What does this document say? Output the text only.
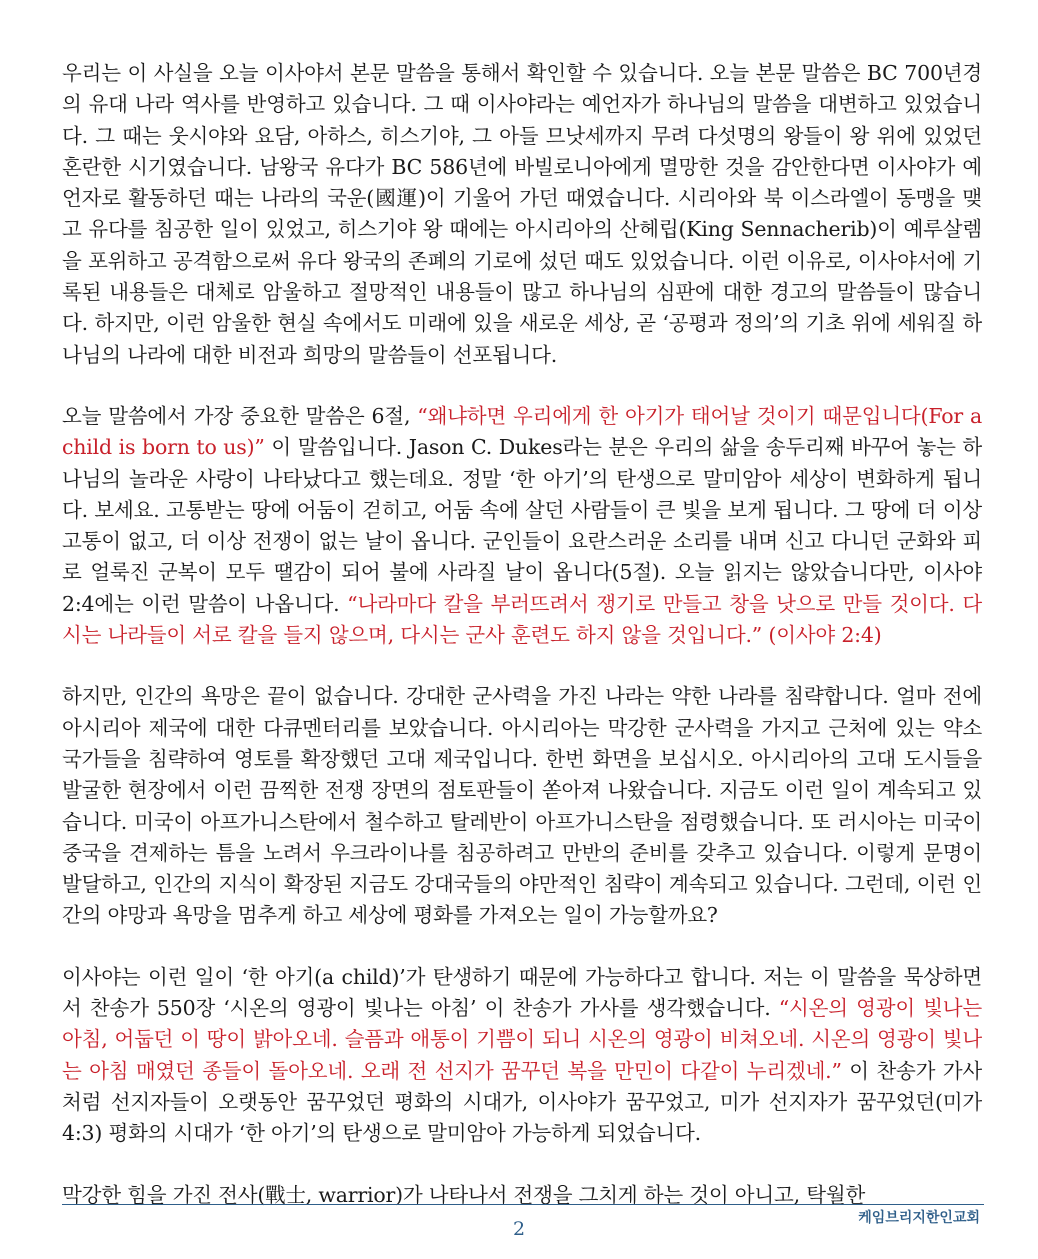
우리는 이 사실을 오늘 이사야서 본문 말씀을 통해서 확인할 수 있습니다. 오늘 본문 말씀은 BC 700년경의 유대 나라 역사를 반영하고 있습니다. 그 때 이사야라는 예언자가 하나님의 말씀을 대변하고 있었습니다. 그 때는 웃시야와 요담, 아하스, 히스기야, 그 아들 므낫세까지 무려 다섯명의 왕들이 왕 위에 있었던 혼란한 시기였습니다. 남왕국 유다가 BC 586년에 바빌로니아에게 멸망한 것을 감안한다면 이사야가 예언자로 활동하던 때는 나라의 국운(國運)이 기울어 가던 때였습니다. 시리아와 북 이스라엘이 동맹을 맺고 유다를 침공한 일이 있었고, 히스기야 왕 때에는 아시리아의 산헤립(King Sennacherib)이 예루살렘을 포위하고 공격함으로써 유다 왕국의 존폐의 기로에 섰던 때도 있었습니다. 이런 이유로, 이사야서에 기록된 내용들은 대체로 암울하고 절망적인 내용들이 많고 하나님의 심판에 대한 경고의 말씀들이 많습니다. 하지만, 이런 암울한 현실 속에서도 미래에 있을 새로운 세상, 곧 ‘공평과 정의’의 기초 위에 세워질 하나님의 나라에 대한 비전과 희망의 말씀들이 선포됩니다.

오늘 말씀에서 가장 중요한 말씀은 6절, “왜냐하면 우리에게 한 아기가 태어날 것이기 때문입니다(For a child is born to us)” 이 말씀입니다. Jason C. Dukes라는 분은 우리의 삶을 송두리째 바꾸어 놓는 하나님의 놀라운 사랑이 나타났다고 했는데요. 정말 ‘한 아기’의 탄생으로 말미암아 세상이 변화하게 됩니다. 보세요. 고통받는 땅에 어둠이 걷히고, 어둠 속에 살던 사람들이 큰 빛을 보게 됩니다. 그 땅에 더 이상 고통이 없고, 더 이상 전쟁이 없는 날이 옵니다. 군인들이 요란스러운 소리를 내며 신고 다니던 군화와 피로 얼룩진 군복이 모두 땔감이 되어 불에 사라질 날이 옵니다(5절). 오늘 읽지는 않았습니다만, 이사야 2:4에는 이런 말씀이 나옵니다. “나라마다 칼을 부러뜨려서 쟁기로 만들고 창을 낫으로 만들 것이다. 다시는 나라들이 서로 칼을 들지 않으며, 다시는 군사 훈련도 하지 않을 것입니다.” (이사야 2:4)

하지만, 인간의 욕망은 끝이 없습니다. 강대한 군사력을 가진 나라는 약한 나라를 침략합니다. 얼마 전에 아시리아 제국에 대한 다큐멘터리를 보았습니다. 아시리아는 막강한 군사력을 가지고 근처에 있는 약소 국가들을 침략하여 영토를 확장했던 고대 제국입니다. 한번 화면을 보십시오. 아시리아의 고대 도시들을 발굴한 현장에서 이런 끔찍한 전쟁 장면의 점토판들이 쏟아져 나왔습니다. 지금도 이런 일이 계속되고 있습니다. 미국이 아프가니스탄에서 철수하고 탈레반이 아프가니스탄을 점령했습니다. 또 러시아는 미국이 중국을 견제하는 틈을 노려서 우크라이나를 침공하려고 만반의 준비를 갖추고 있습니다. 이렇게 문명이 발달하고, 인간의 지식이 확장된 지금도 강대국들의 야만적인 침략이 계속되고 있습니다. 그런데, 이런 인간의 야망과 욕망을 멈추게 하고 세상에 평화를 가져오는 일이 가능할까요?

이사야는 이런 일이 ‘한 아기(a child)’가 탄생하기 때문에 가능하다고 합니다. 저는 이 말씀을 묵상하면서 찬송가 550장 ‘시온의 영광이 빛나는 아침’ 이 찬송가 가사를 생각했습니다. “시온의 영광이 빛나는 아침, 어둡던 이 땅이 밝아오네. 슬픔과 애통이 기쁨이 되니 시온의 영광이 비쳐오네. 시온의 영광이 빛나는 아침 매였던 종들이 돌아오네. 오래 전 선지가 꿈꾸던 복을 만민이 다같이 누리겠네.” 이 찬송가 가사처럼 선지자들이 오랫동안 꿈꾸었던 평화의 시대가, 이사야가 꿈꾸었고, 미가 선지자가 꿈꾸었던(미가 4:3) 평화의 시대가 ‘한 아기’의 탄생으로 말미암아 가능하게 되었습니다.

막강한 힘을 가진 전사(戰士, warrior)가 나타나서 전쟁을 그치게 하는 것이 아니고, 탁월한

케임브리지한인교회
2
